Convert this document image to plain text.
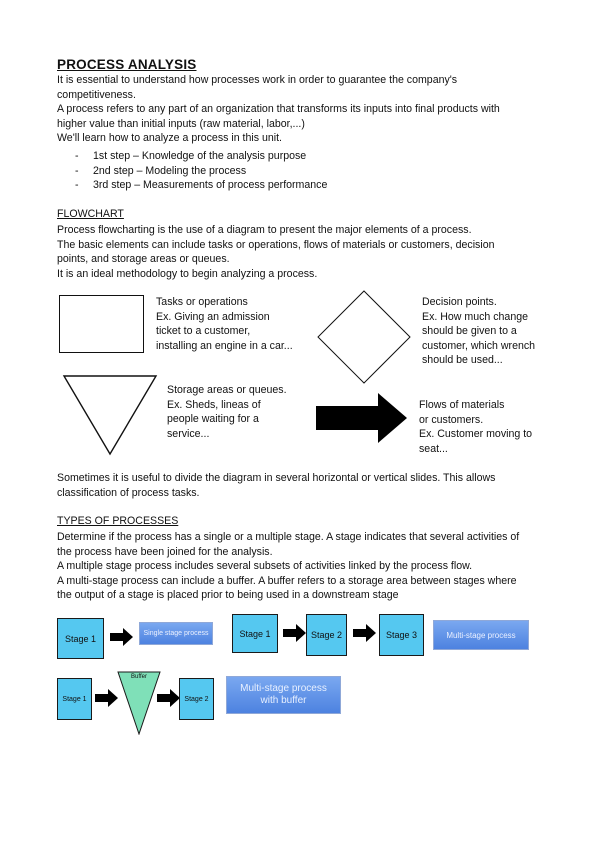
PROCESS ANALYSIS
It is essential to understand how processes work in order to guarantee the company's
competitiveness.
A process refers to any part of an organization that transforms its inputs into final products with
higher value than initial inputs (raw material, labor,...)
We'll learn how to analyze a process in this unit.
- 1st step – Knowledge of the analysis purpose
- 2nd step – Modeling the process
- 3rd step – Measurements of process performance
FLOWCHART
Process flowcharting is the use of a diagram to present the major elements of a process.
The basic elements can include tasks or operations, flows of materials or customers, decision
points, and storage areas or queues.
It is an ideal methodology to begin analyzing a process.
Tasks or operations
Ex. Giving an admission
ticket to a customer,
installing an engine in a car...
Decision points.
Ex. How much change
should be given to a
customer, which wrench
should be used...
Storage areas or queues.
Ex. Sheds, lineas of
people waiting for a
service...
Flows of materials
or customers.
Ex. Customer moving to
seat...
Sometimes it is useful to divide the diagram in several horizontal or vertical slides. This allows
classification of process tasks.
TYPES OF PROCESSES
Determine if the process has a single or a multiple stage. A stage indicates that several activities of
the process have been joined for the analysis.
A multiple stage process includes several subsets of activities linked by the process flow.
A multi-stage process can include a buffer. A buffer refers to a storage area between stages where
the output of a stage is placed prior to being used in a downstream stage
Stage 1	Single stage process	Stage 1	Stage 2	Stage 3	Multi-stage process
Stage 1
Buffer
Stage 2
Multi-stage process
with buffer
